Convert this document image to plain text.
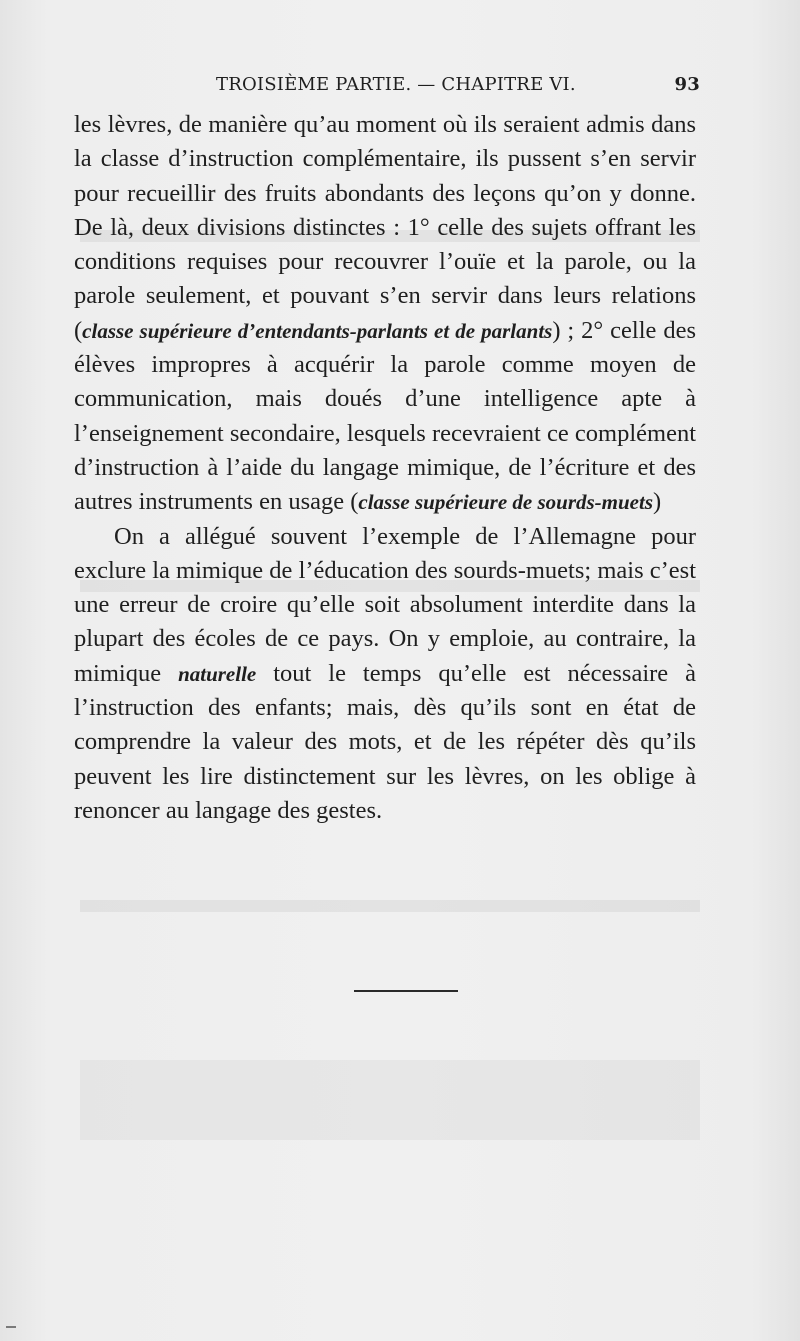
TROISIÈME PARTIE. — CHAPITRE VI.	93

les lèvres, de manière qu’au moment où ils seraient admis dans la classe d’instruction complémentaire, ils pussent s’en servir pour recueillir des fruits abondants des leçons qu’on y donne. De là, deux divisions distinctes : 1° celle des sujets offrant les conditions requises pour recouvrer l’ouïe et la parole, ou la parole seulement, et pouvant s’en servir dans leurs relations (classe supérieure d’entendants-parlants et de parlants) ; 2° celle des élèves impropres à acquérir la parole comme moyen de communication, mais doués d’une intelligence apte à l’enseignement secondaire, lesquels recevraient ce complément d’instruction à l’aide du langage mimique, de l’écriture et des autres instruments en usage (classe supérieure de sourds-muets)

On a allégué souvent l’exemple de l’Allemagne pour exclure la mimique de l’éducation des sourds-muets; mais c’est une erreur de croire qu’elle soit absolument interdite dans la plupart des écoles de ce pays. On y emploie, au contraire, la mimique naturelle tout le temps qu’elle est nécessaire à l’instruction des enfants; mais, dès qu’ils sont en état de comprendre la valeur des mots, et de les répéter dès qu’ils peuvent les lire distinctement sur les lèvres, on les oblige à renoncer au langage des gestes.
